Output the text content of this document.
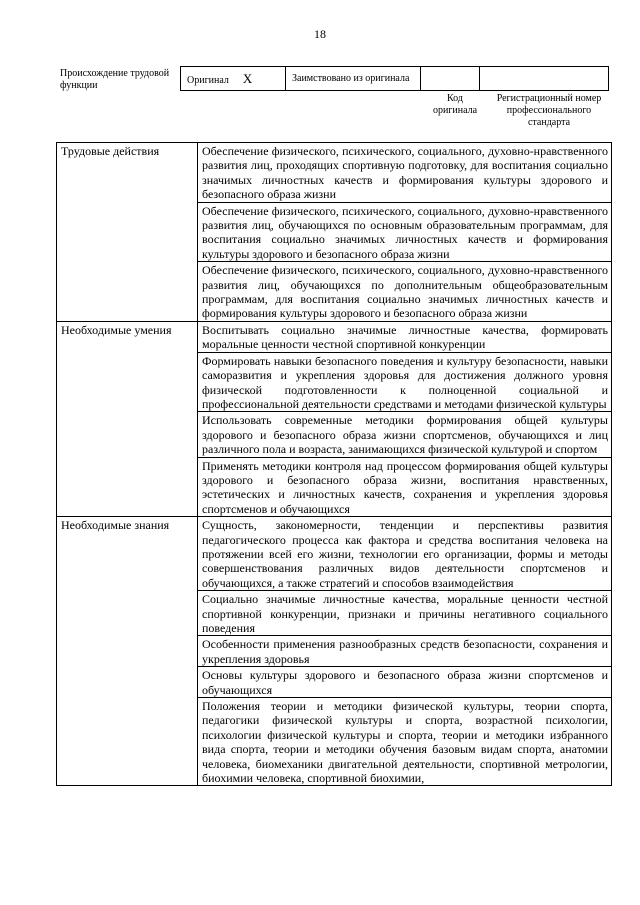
18
Происхождение трудовой функции	Оригинал X	Заимствовано из оригинала		
Код оригинала
Регистрационный номер профессионального стандарта
Трудовые действия	Обеспечение физического, психического, социального, духовно-нравственного развития лиц, проходящих спортивную подготовку, для воспитания социально значимых личностных качеств и формирования культуры здорового и безопасного образа жизни
	Обеспечение физического, психического, социального, духовно-нравственного развития лиц, обучающихся по основным образовательным программам, для воспитания социально значимых личностных качеств и формирования культуры здорового и безопасного образа жизни
	Обеспечение физического, психического, социального, духовно-нравственного развития лиц, обучающихся по дополнительным общеобразовательным программам, для воспитания социально значимых личностных качеств и формирования культуры здорового и безопасного образа жизни
Необходимые умения	Воспитывать социально значимые личностные качества, формировать моральные ценности честной спортивной конкуренции
	Формировать навыки безопасного поведения и культуру безопасности, навыки саморазвития и укрепления здоровья для достижения должного уровня физической подготовленности к полноценной социальной и профессиональной деятельности средствами и методами физической культуры
	Использовать современные методики формирования общей культуры здорового и безопасного образа жизни спортсменов, обучающихся и лиц различного пола и возраста, занимающихся физической культурой и спортом
	Применять методики контроля над процессом формирования общей культуры здорового и безопасного образа жизни, воспитания нравственных, эстетических и личностных качеств, сохранения и укрепления здоровья спортсменов и обучающихся
Необходимые знания	Сущность, закономерности, тенденции и перспективы развития педагогического процесса как фактора и средства воспитания человека на протяжении всей его жизни, технологии его организации, формы и методы совершенствования различных видов деятельности спортсменов и обучающихся, а также стратегий и способов взаимодействия
	Социально значимые личностные качества, моральные ценности честной спортивной конкуренции, признаки и причины негативного социального поведения
	Особенности применения разнообразных средств безопасности, сохранения и укрепления здоровья
	Основы культуры здорового и безопасного образа жизни спортсменов и обучающихся
	Положения теории и методики физической культуры, теории спорта, педагогики физической культуры и спорта, возрастной психологии, психологии физической культуры и спорта, теории и методики избранного вида спорта, теории и методики обучения базовым видам спорта, анатомии человека, биомеханики двигательной деятельности, спортивной метрологии, биохимии человека, спортивной биохимии,
